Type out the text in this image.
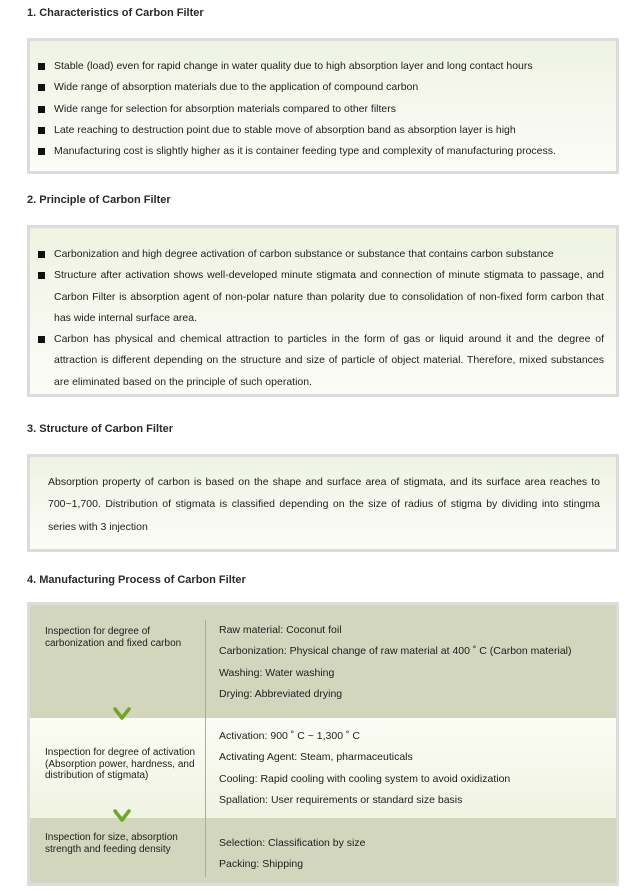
1. Characteristics of Carbon Filter
Stable (load) even for rapid change in water quality due to high absorption layer and long contact hours
Wide range of absorption materials due to the application of compound carbon
Wide range for selection for absorption materials compared to other filters
Late reaching to destruction point due to stable move of absorption band as absorption layer is high
Manufacturing cost is slightly higher as it is container feeding type and complexity of manufacturing process.
2. Principle of Carbon Filter
Carbonization and high degree activation of carbon substance or substance that contains carbon substance
Structure after activation shows well-developed minute stigmata and connection of minute stigmata to passage, and Carbon Filter is absorption agent of non-polar nature than polarity due to consolidation of non-fixed form carbon that has wide internal surface area.
Carbon has physical and chemical attraction to particles in the form of gas or liquid around it and the degree of attraction is different depending on the structure and size of particle of object material. Therefore, mixed substances are eliminated based on the principle of such operation.
3. Structure of Carbon Filter
Absorption property of carbon is based on the shape and surface area of stigmata, and its surface area reaches to 700~1,700. Distribution of stigmata is classified depending on the size of radius of stigma by dividing into stingma series with 3 injection
4. Manufacturing Process of Carbon Filter
Inspection for degree of carbonization and fixed carbon
Raw material: Coconut foil
Carbonization: Physical change of raw material at 400 ˚ C (Carbon material)
Washing: Water washing
Drying: Abbreviated drying
Inspection for degree of activation (Absorption power, hardness, and distribution of stigmata)
Activation: 900 ˚ C ~ 1,300 ˚ C
Activating Agent: Steam, pharmaceuticals
Cooling: Rapid cooling with cooling system to avoid oxidization
Spallation: User requirements or standard size basis
Inspection for size, absorption strength and feeding density	Selection: Classification by size
Packing: Shipping
